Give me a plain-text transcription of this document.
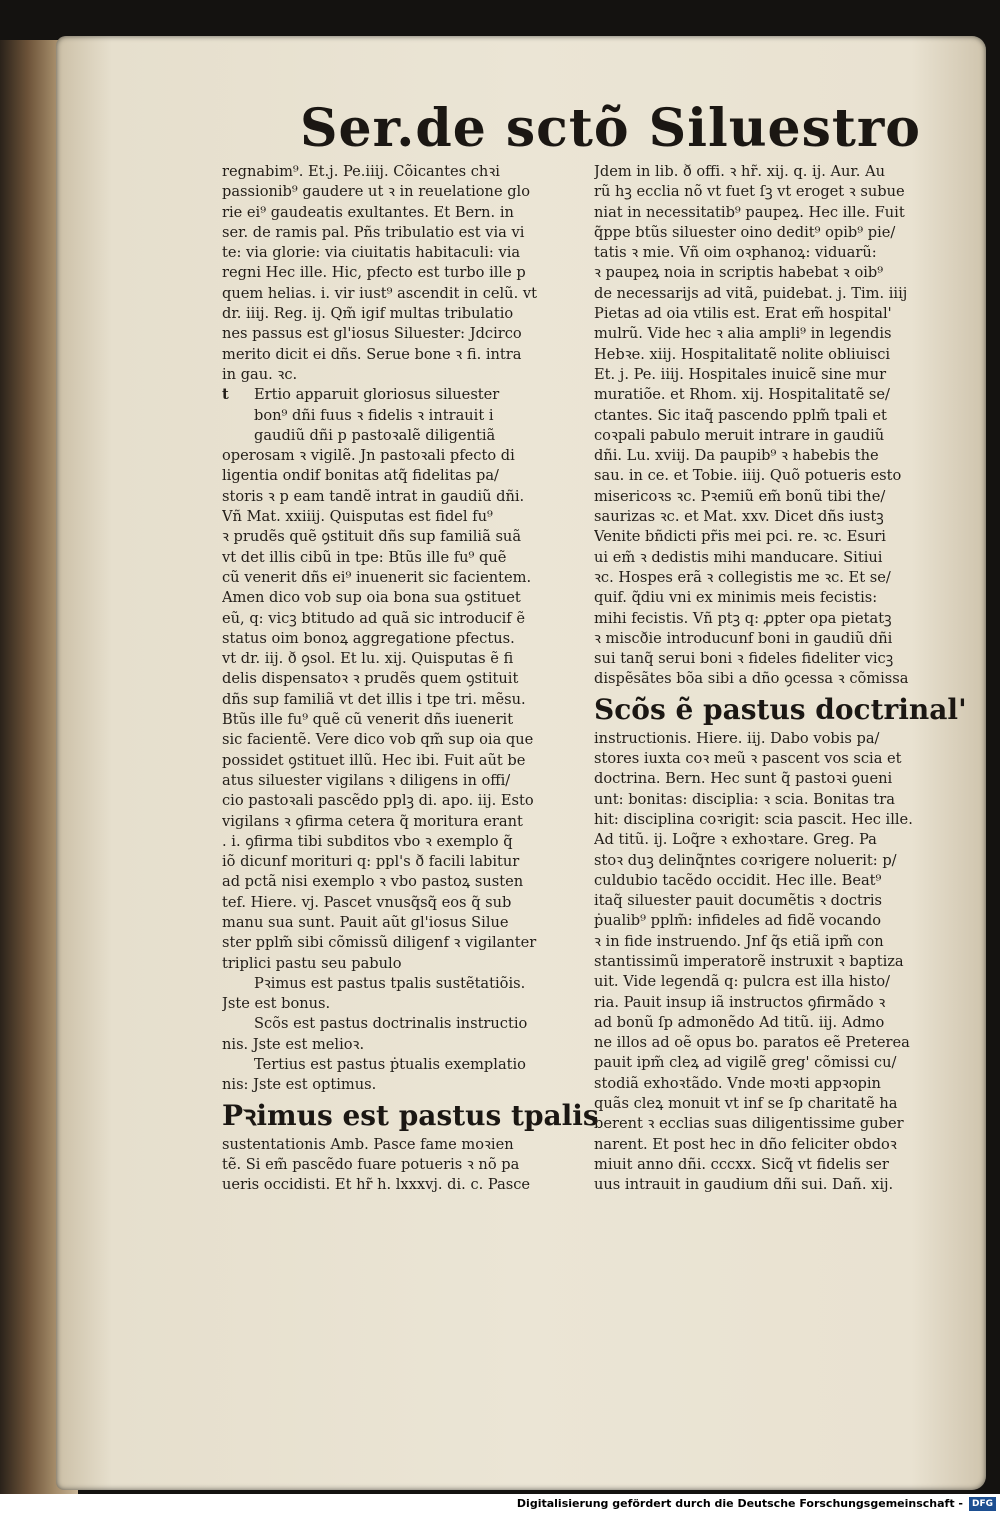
Ser.de sctõ Siluestro

regnabim⁹. Et.j. Pe.iiij. Cõicantes chꝛi

passionib⁹ gaudere ut ꝛ in reuelatione glo

rie ei⁹ gaudeatis exultantes. Et Bern. in

ser. de ramis pal. Pñs tribulatio est via vi

te: via glorie: via ciuitatis habitaculi: via

regni Hec ille. Hic, pfecto est turbo ille p

quem helias. i. vir iust⁹ ascendit in celũ. vt

dr. iiij. Reg. ij. Qm̃ igif multas tribulatio

nes passus est gl'iosus Siluester: Jdcirco

merito dicit ei dñs. Serue bone ꝛ fi. intra

in gau. ꝛc.

t Ertio apparuit gloriosus siluester

bon⁹ dñi fuus ꝛ fidelis ꝛ intrauit i

gaudiũ dñi p pastoꝛalẽ diligentiã

operosam ꝛ vigilẽ. Jn pastoꝛali pfecto di

ligentia ondif bonitas atq̃ fidelitas pa/

storis ꝛ p eam tandẽ intrat in gaudiũ dñi.

Vñ Mat. xxiiij. Quisputas est fidel fu⁹

ꝛ prudẽs quẽ ꝯstituit dñs sup familiã suã

vt det illis cibũ in tpe: Btũs ille fu⁹ quẽ

cũ venerit dñs ei⁹ inuenerit sic facientem.

Amen dico vob sup oia bona sua ꝯstituet

eũ, q: vicꝫ btitudo ad quã sic introducif ẽ

status oim bonoꝝ aggregatione pfectus.

vt dr. iij. ð ꝯsol. Et lu. xij. Quisputas ẽ fi

delis dispensatoꝛ ꝛ prudẽs quem ꝯstituit

dñs sup familiã vt det illis i tpe tri. mẽsu.

Btũs ille fu⁹ quẽ cũ venerit dñs iuenerit

sic facientẽ. Vere dico vob qm̃ sup oia que

possidet ꝯstituet illũ. Hec ibi. Fuit aũt be

atus siluester vigilans ꝛ diligens in offi/

cio pastoꝛali pascẽdo pplꝫ di. apo. iij. Esto

vigilans ꝛ ꝯfirma cetera q̃ moritura erant

. i. ꝯfirma tibi subditos vbo ꝛ exemplo q̃

iõ dicunf morituri q: ppl's ð facili labitur

ad pctã nisi exemplo ꝛ vbo pastoꝝ susten

tef. Hiere. vj. Pascet vnusq̃sq̃ eos q̃ sub

manu sua sunt. Pauit aũt gl'iosus Silue

ster pplm̃ sibi cõmissũ diligenf ꝛ vigilanter

triplici pastu seu pabulo

Pꝛimus est pastus tpalis sustẽtatiõis.

Jste est bonus.

Scõs est pastus doctrinalis instructio

nis. Jste est melioꝛ.

Tertius est pastus ṗtualis exemplatio

nis: Jste est optimus.

Pꝛimus est pastus tpalis

sustentationis Amb. Pasce fame moꝛien

tẽ. Si em̃ pascẽdo fuare potueris ꝛ nõ pa

ueris occidisti. Et hr̃ h. lxxxvj. di. c. Pasce

Jdem in lib. ð offi. ꝛ hr̃. xij. q. ij. Aur. Au

rũ hꝫ ecclia nõ vt fuet ſꝫ vt eroget ꝛ subue

niat in necessitatib⁹ paupeꝝ. Hec ille. Fuit

q̃ppe btũs siluester oino dedit⁹ opib⁹ pie/

tatis ꝛ mie. Vñ oim oꝛphanoꝝ: viduarũ:

ꝛ paupeꝝ noia in scriptis habebat ꝛ oib⁹

de necessarijs ad vitã, puidebat. j. Tim. iiij

Pietas ad oia vtilis est. Erat em̃ hospital'

mulrũ. Vide hec ꝛ alia ampli⁹ in legendis

Hebꝛe. xiij. Hospitalitatẽ nolite obliuisci

Et. j. Pe. iiij. Hospitales inuicẽ sine mur

muratiõe. et Rhom. xij. Hospitalitatẽ se/

ctantes. Sic itaq̃ pascendo pplm̃ tpali et

coꝛpali pabulo meruit intrare in gaudiũ

dñi. Lu. xviij. Da paupib⁹ ꝛ habebis the

sau. in ce. et Tobie. iiij. Quõ potueris esto

misericoꝛs ꝛc. Pꝛemiũ em̃ bonũ tibi the/

saurizas ꝛc. et Mat. xxv. Dicet dñs iustꝫ

Venite bñdicti pr̃is mei pci. re. ꝛc. Esuri

ui em̃ ꝛ dedistis mihi manducare. Sitiui

ꝛc. Hospes erã ꝛ collegistis me ꝛc. Et se/

quif. q̃diu vni ex minimis meis fecistis:

mihi fecistis. Vñ ptꝫ q: ꝓpter opa pietatꝫ

ꝛ miscðie introducunf boni in gaudiũ dñi

sui tanq̃ serui boni ꝛ fideles fideliter vicꝫ

dispẽsãtes bõa sibi a dño ꝯcessa ꝛ cõmissa

Scõs ẽ pastus doctrinal'

instructionis. Hiere. iij. Dabo vobis pa/

stores iuxta coꝛ meũ ꝛ pascent vos scia et

doctrina. Bern. Hec sunt q̃ pastoꝛi ꝯueni

unt: bonitas: disciplia: ꝛ scia. Bonitas tra

hit: disciplina coꝛrigit: scia pascit. Hec ille.

Ad titũ. ij. Loq̃re ꝛ exhoꝛtare. Greg. Pa

stoꝛ duꝫ delinq̃ntes coꝛrigere noluerit: p/

culdubio tacẽdo occidit. Hec ille. Beat⁹

itaq̃ siluester pauit documẽtis ꝛ doctris

ṗualib⁹ pplm̃: infideles ad fidẽ vocando

ꝛ in fide instruendo. Jnf q̃s etiã ipm̃ con

stantissimũ imperatorẽ instruxit ꝛ baptiza

uit. Vide legendã q: pulcra est illa histo/

ria. Pauit insup iã instructos ꝯfirmãdo ꝛ

ad bonũ ſp admonẽdo Ad titũ. iij. Admo

ne illos ad oẽ opus bo. paratos eẽ Preterea

pauit ipm̃ cleꝝ ad vigilẽ greg' cõmissi cu/

stodiã exhoꝛtãdo. Vnde moꝛti appꝛopin

quãs cleꝝ monuit vt inf se ſp charitatẽ ha

berent ꝛ ecclias suas diligentissime guber

narent. Et post hec in dño feliciter obdoꝛ

miuit anno dñi. cccxx. Sicq̃ vt fidelis ser

uus intrauit in gaudium dñi sui. Dañ. xij.

Digitalisierung gefördert durch die Deutsche Forschungsgemeinschaft - DFG
